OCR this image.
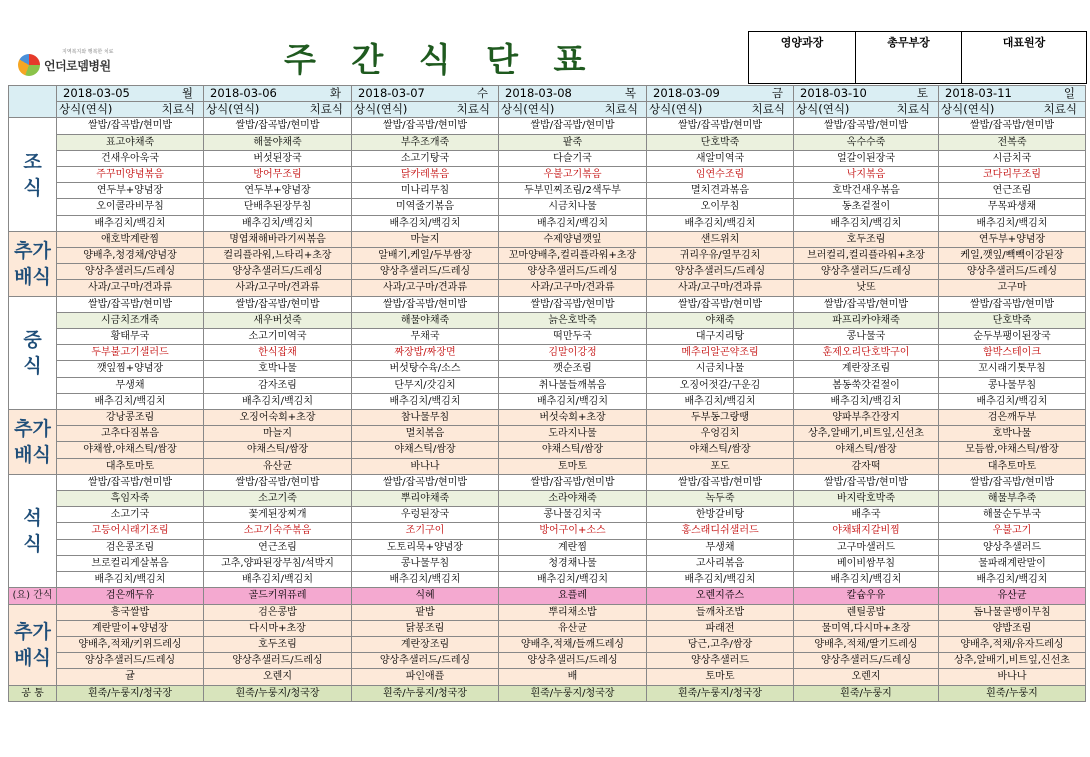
언더로뎀병원
지역복지와 행복한 치료	주 간 식 단 표	영양과장	총무부장	대표원장

	2018-03-05 월	2018-03-06 화	2018-03-07 수	2018-03-08 목	2018-03-09 금	2018-03-10 토	2018-03-11 일

	상식(연식) 치료식	상식(연식) 치료식	상식(연식) 치료식	상식(연식) 치료식	상식(연식) 치료식	상식(연식) 치료식	상식(연식) 치료식

조
식	쌀밥/잡곡밥/현미밥	쌀밥/잡곡밥/현미밥	쌀밥/잡곡밥/현미밥	쌀밥/잡곡밥/현미밥	쌀밥/잡곡밥/현미밥	쌀밥/잡곡밥/현미밥	쌀밥/잡곡밥/현미밥
	표고야채죽	해물야채죽	부추조개죽	팥죽	단호박죽	옥수수죽	전복죽
	건새우아욱국	버섯된장국	소고기탕국	다슬기국	새알미역국	얼갈이된장국	시금치국
	주꾸미양념볶음	방어무조림	닭카레볶음	우불고기볶음	임연수조림	낙지볶음	코다리무조림
	연두부+양념장	연두부+양념장	미나리무침	두부민찌조림/2색두부	멸치견과볶음	호박건새우볶음	연근조림
	오이콜라비무침	단배추된장무침	미역줄기볶음	시금치나물	오이무침	동초겉절이	무목파생채
	배추김치/백김치	배추김치/백김치	배추김치/백김치	배추김치/백김치	배추김치/백김치	배추김치/백김치	배추김치/백김치
추가
배식	애호박계란찜	명엽채해바라기씨볶음	마늘지	수제양념깻잎	샌드위치	호두조림	연두부+양념장
	양배추,청경채/양념장	컬리플라워,느타리+초장	알배기,케일/두부쌈장	꼬마양배추,컬리플라워+초장	귀리우유/열무김치	브러컬리,컬리플라워+초장	케일,깻잎/빽빽이강된장
	양상추샐러드/드레싱	양상추샐러드/드레싱	양상추샐러드/드레싱	양상추샐러드/드레싱	양상추샐러드/드레싱	양상추샐러드/드레싱	양상추샐러드/드레싱
	사과/고구마/견과류	사과/고구마/견과류	사과/고구마/견과류	사과/고구마/견과류	사과/고구마/견과류	낫또	고구마
중
식	쌀밥/잡곡밥/현미밥	쌀밥/잡곡밥/현미밥	쌀밥/잡곡밥/현미밥	쌀밥/잡곡밥/현미밥	쌀밥/잡곡밥/현미밥	쌀밥/잡곡밥/현미밥	쌀밥/잡곡밥/현미밥
	시금치조개죽	새우버섯죽	해물야채죽	늙은호박죽	야채죽	파프리카야채죽	단호박죽
	황태무국	소고기미역국	무채국	떡만두국	대구지리탕	콩나물국	순두부팽이된장국
	두부불고기샐러드	한식잡채	짜장밥/짜장면	김말이강정	메추리알곤약조림	훈제오리단호박구이	함박스테이크
	깻잎찜+양념장	호박나물	버섯탕수육/소스	깻순조림	시금치나물	계란장조림	꼬시래기톳무침
	무생채	감자조림	단무지/갓김치	취나물들깨볶음	오징어젓갈/구운김	봄동쑥갓겉절이	콩나물무침
	배추김치/백김치	배추김치/백김치	배추김치/백김치	배추김치/백김치	배추김치/백김치	배추김치/백김치	배추김치/백김치
추가
배식	강낭콩조림	오징어숙회+초장	참나물무침	버섯숙회+초장	두부동그랑땡	양파부추간장지	검은깨두부
	고추다짐볶음	마늘지	멸치볶음	도라지나물	우엉김치	상추,알배기,비트잎,신선초	호박나물
	야채쌈,야채스틱/쌈장	야채스틱/쌈장	야채스틱/쌈장	야채스틱/쌈장	야채스틱/쌈장	야채스틱/쌈장	모듬쌈,야채스틱/쌈장
	대추토마토	유산균	바나나	토마토	포도	감자떡	대추토마토
석
식	쌀밥/잡곡밥/현미밥	쌀밥/잡곡밥/현미밥	쌀밥/잡곡밥/현미밥	쌀밥/잡곡밥/현미밥	쌀밥/잡곡밥/현미밥	쌀밥/잡곡밥/현미밥	쌀밥/잡곡밥/현미밥
	흑임자죽	소고기죽	뿌리야채죽	소라야채죽	녹두죽	바지락호박죽	해물부추죽
	소고기국	꽃게된장찌개	우렁된장국	콩나물김치국	한방갈비탕	배추국	해물순두부국
	고등어시래기조림	소고기숙주볶음	조기구이	방어구이+소스	홍스래디쉬샐러드	야채돼지갈비찜	우불고기
	검은콩조림	연근조림	도토리묵+양념장	계란찜	무생채	고구마샐러드	양상추샐러드
	브로컬리게살볶음	고추,양파된장무침/석박지	콩나물무침	청경채나물	고사리볶음	베이비쌈무침	물파래계란말이
	배추김치/백김치	배추김치/백김치	배추김치/백김치	배추김치/백김치	배추김치/백김치	배추김치/백김치	배추김치/백김치
(요) 간식	검은깨두유	골드키위퓨레	식혜	요플레	오렌지쥬스	칼슘우유	유산균
추가
배식	흥국쌀밥	검은콩밥	팥밥	뿌리채소밥	들깨차조밥	렌틸콩밥	돔나물골뱅이무침
	계란말이+양념장	다시마+초장	닭봉조림	유산균	파래전	물미역,다시마+초장	양밥조림
	양배추,적채/키위드레싱	호두조림	계란장조림	양배추,적채/들깨드레싱	당근,고추/쌈장	양배추,적채/딸기드레싱	양배추,적채/유자드레싱
	양상추샐러드/드레싱	양상추샐러드/드레싱	양상추샐러드/드레싱	양상추샐러드/드레싱	양상추샐러드	양상추샐러드/드레싱	상추,알배기,비트잎,신선초
	귤	오렌지	파인애플	배	토마토	오렌지	바나나
공 통	흰죽/누룽지/청국장	흰죽/누룽지/청국장	흰죽/누룽지/청국장	흰죽/누룽지/청국장	흰죽/누룽지/청국장	흰죽/누룽지	흰죽/누룽지
